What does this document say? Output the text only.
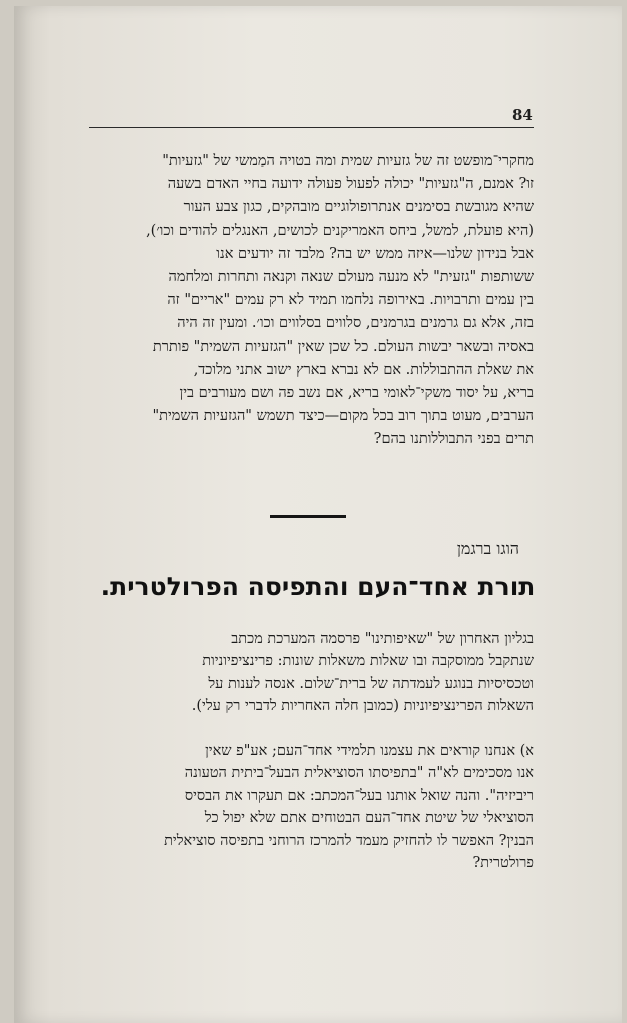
84
מחקרי־מופשט זה של גזעיות שמית ומה בטויה המַמשי של "גזעיות"
זו? אמנם, ה"גזעיות" יכולה לפעול פעולה ידועה בחיי האדם בשעה
שהיא מגובשת בסימנים אנתרופולוגיים מובהקים, כגון צבע העור
(היא פועלת, למשל, ביחס האמריקנים לכושים, האנגלים להודים וכו׳),
אבל בנידון שלנו—איזה ממש יש בה? מלבד זה יודעים אנו
ששותפות "גזעית" לא מנעה מעולם שנאה וקנאה ותחרות ומלחמה
בין עמים ותרבויות. באירופה נלחמו תמיד לא רק עמים "אריים" זה
בזה, אלא גם גרמנים בגרמנים, סלווים בסלווים וכו׳. ומעין זה היה
באסיה ובשאר יבשות העולם. כל שכן שאין "הגזעיות השמית" פותרת
את שאלת ההתבוללות. אם לא נברא בארץ ישוב אתני מלוכד,
בריא, על יסוד משקי־לאומי בריא, אם נשב פה ושם מעורבים בין
הערבים, מעוט בתוך רוב בכל מקום—כיצד תשמש "הגזעיות השמית"
תרים בפני התבוללותנו בהם?
הוגו ברגמן
תורת אחד־העם והתפיסה הפרולטרית.
בגליון האחרון של "שאיפותינו" פרסמה המערכת מכתב
שנתקבל ממוסקבה ובו שאלות משאלות שונות: פרינציפיוניות
וטכסיסיות בנוגע לעמדתה של ברית־שלום. אנסה לענות על
השאלות הפרינציפיוניות (כמובן חלה האחריות לדברי רק עלי).
א) אנחנו קוראים את עצמנו תלמידי אחד־העם; אע"פ שאין
אנו מסכימים לא"ה "בתפיסתו הסוציאלית הבעל־ביתית הטעונה
ריביזיה". והנה שואל אותנו בעל־המכתב: אם תעקרו את הבסיס
הסוציאלי של שיטת אחד־העם הבטוחים אתם שלא יפול כל
הבנין? האפשר לו להחזיק מעמד להמרכז הרוחני בתפיסה סוציאלית
פרולטרית?
